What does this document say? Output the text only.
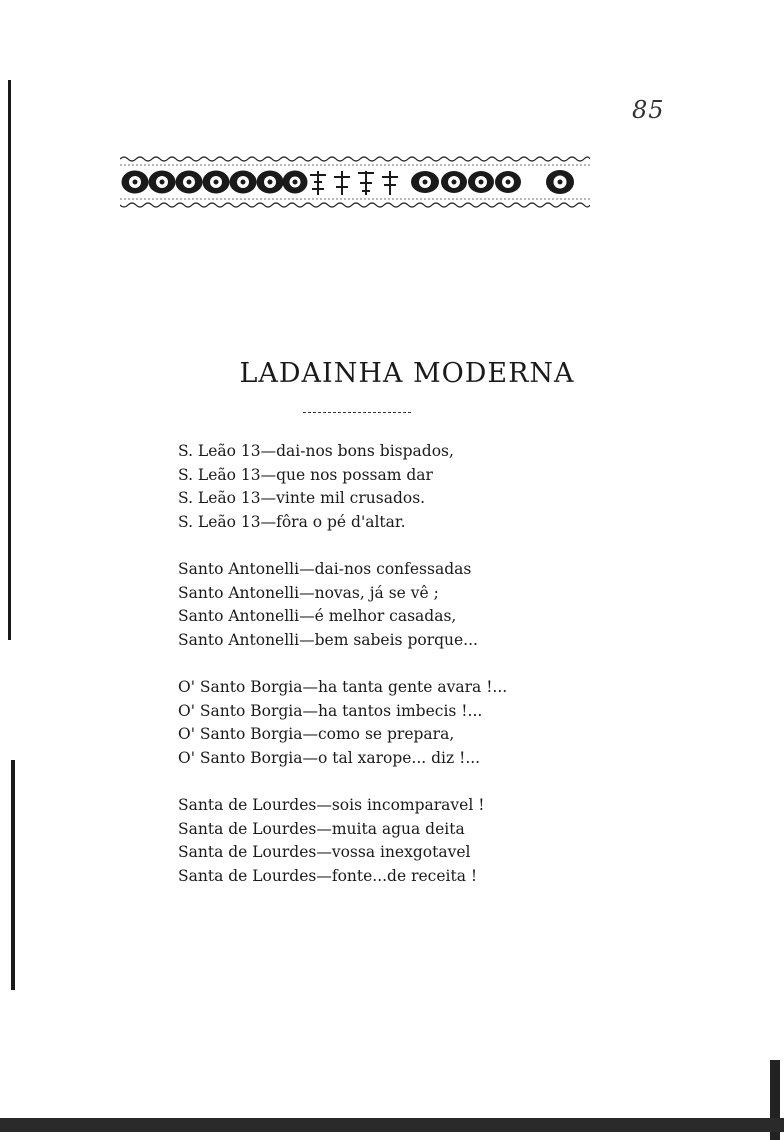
85
LADAINHA MODERNA
S. Leão 13—dai-nos bons bispados,
S. Leão 13—que nos possam dar
S. Leão 13—vinte mil crusados.
S. Leão 13—fôra o pé d'altar.
Santo Antonelli—dai-nos confessadas
Santo Antonelli—novas, já se vê ;
Santo Antonelli—é melhor casadas,
Santo Antonelli—bem sabeis porque...
O' Santo Borgia—ha tanta gente avara !...
O' Santo Borgia—ha tantos imbecis !...
O' Santo Borgia—como se prepara,
O' Santo Borgia—o tal xarope... diz !...
Santa de Lourdes—sois incomparavel !
Santa de Lourdes—muita agua deita
Santa de Lourdes—vossa inexgotavel
Santa de Lourdes—fonte...de receita !
